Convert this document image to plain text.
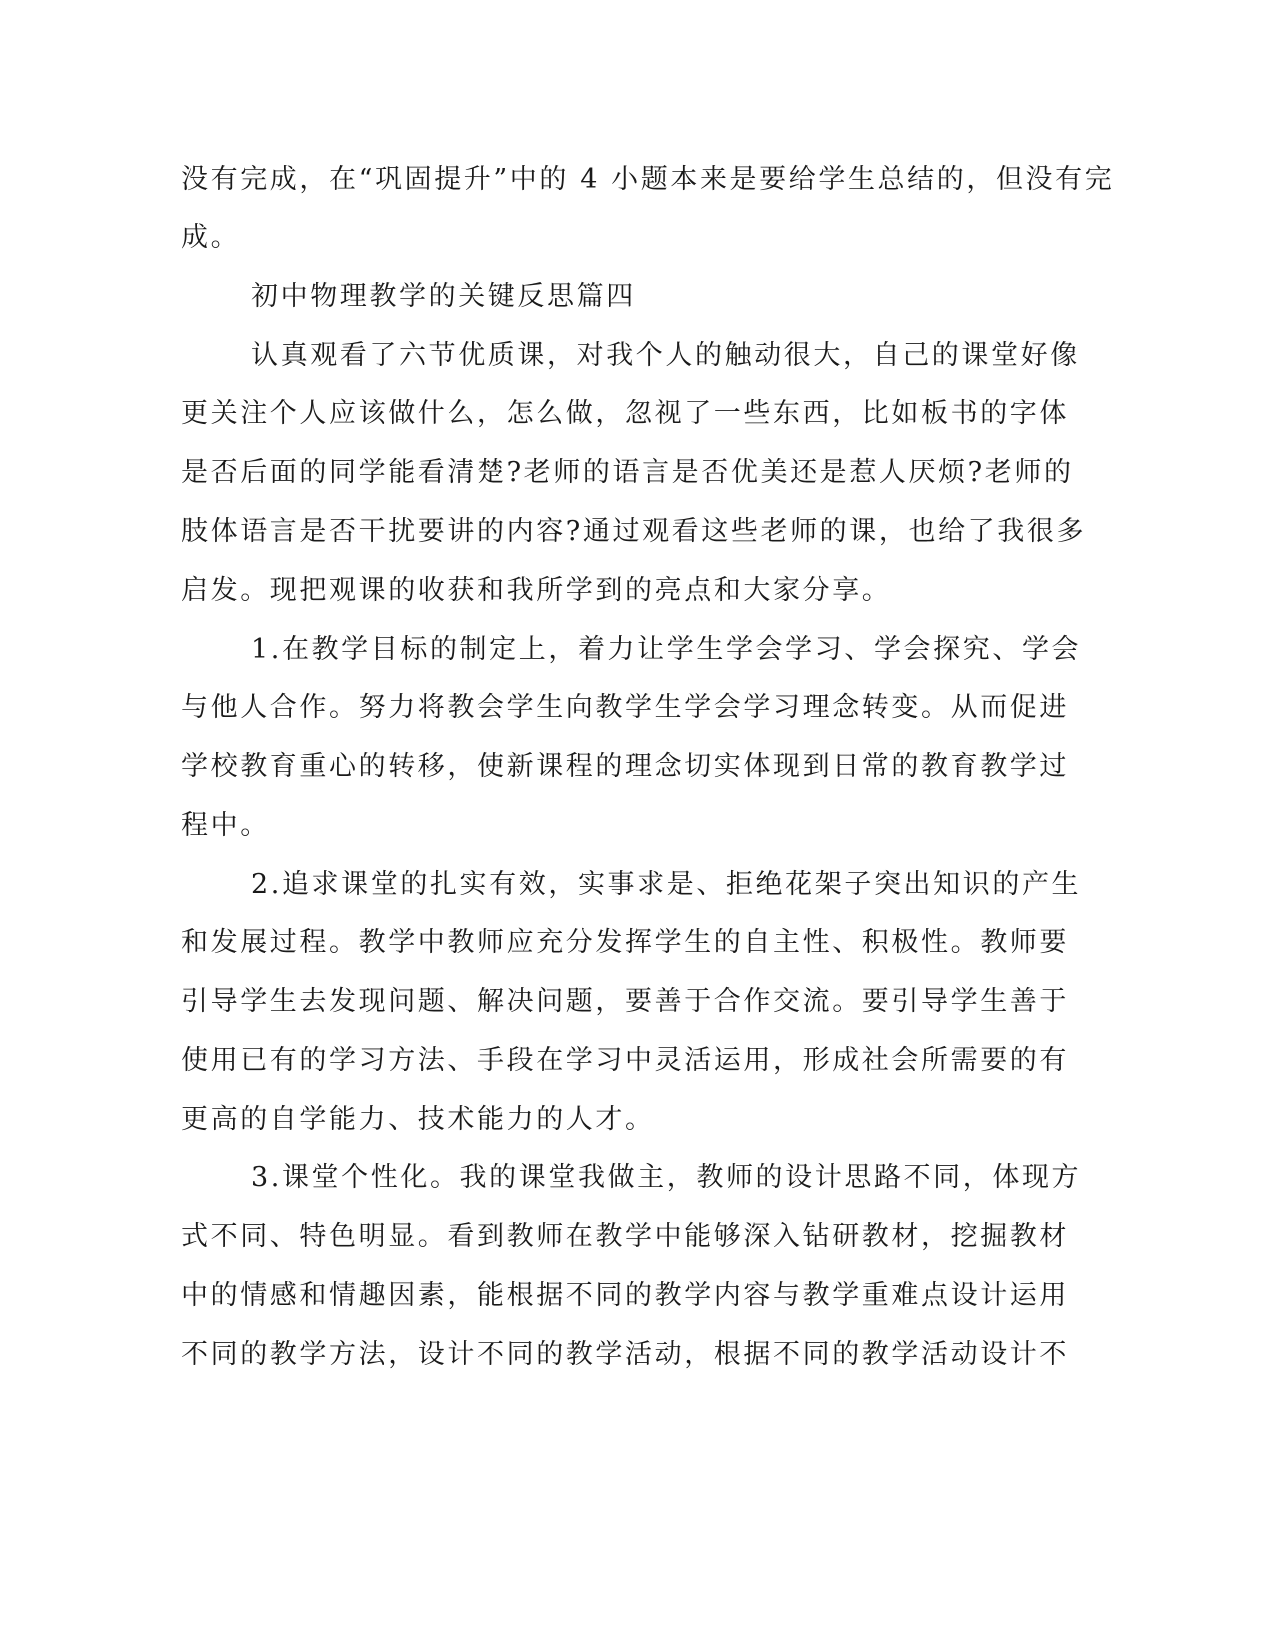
没有完成，在“巩固提升”中的 4 小题本来是要给学生总结的，但没有完
成。
初中物理教学的关键反思篇四
认真观看了六节优质课，对我个人的触动很大，自己的课堂好像
更关注个人应该做什么，怎么做，忽视了一些东西，比如板书的字体
是否后面的同学能看清楚?老师的语言是否优美还是惹人厌烦?老师的
肢体语言是否干扰要讲的内容?通过观看这些老师的课，也给了我很多
启发。现把观课的收获和我所学到的亮点和大家分享。
1.在教学目标的制定上，着力让学生学会学习、学会探究、学会
与他人合作。努力将教会学生向教学生学会学习理念转变。从而促进
学校教育重心的转移，使新课程的理念切实体现到日常的教育教学过
程中。
2.追求课堂的扎实有效，实事求是、拒绝花架子突出知识的产生
和发展过程。教学中教师应充分发挥学生的自主性、积极性。教师要
引导学生去发现问题、解决问题，要善于合作交流。要引导学生善于
使用已有的学习方法、手段在学习中灵活运用，形成社会所需要的有
更高的自学能力、技术能力的人才。
3.课堂个性化。我的课堂我做主，教师的设计思路不同，体现方
式不同、特色明显。看到教师在教学中能够深入钻研教材，挖掘教材
中的情感和情趣因素，能根据不同的教学内容与教学重难点设计运用
不同的教学方法，设计不同的教学活动，根据不同的教学活动设计不
